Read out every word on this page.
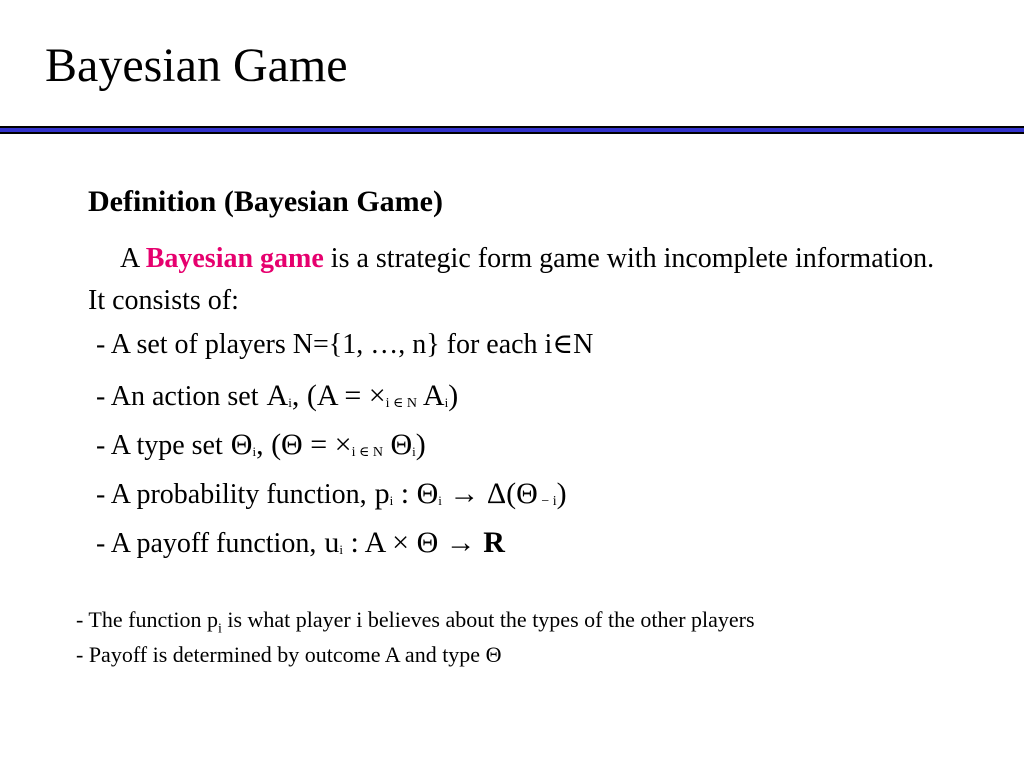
Bayesian Game
Definition (Bayesian Game)

A Bayesian game is a strategic form game with incomplete information. It consists of:

- A set of players N={1, …, n} for each i∈N

- An action set Ai, (A = ×i ∈ N Ai)

- A type set Θi, (Θ = ×i ∈ N Θi)

- A probability function, pi : Θi → Δ(Θ − i)

- A payoff function, ui : A × Θ → R

- The function $p_i$ is what player i believes about the types of the other players

- Payoff is determined by outcome A and type Θ
